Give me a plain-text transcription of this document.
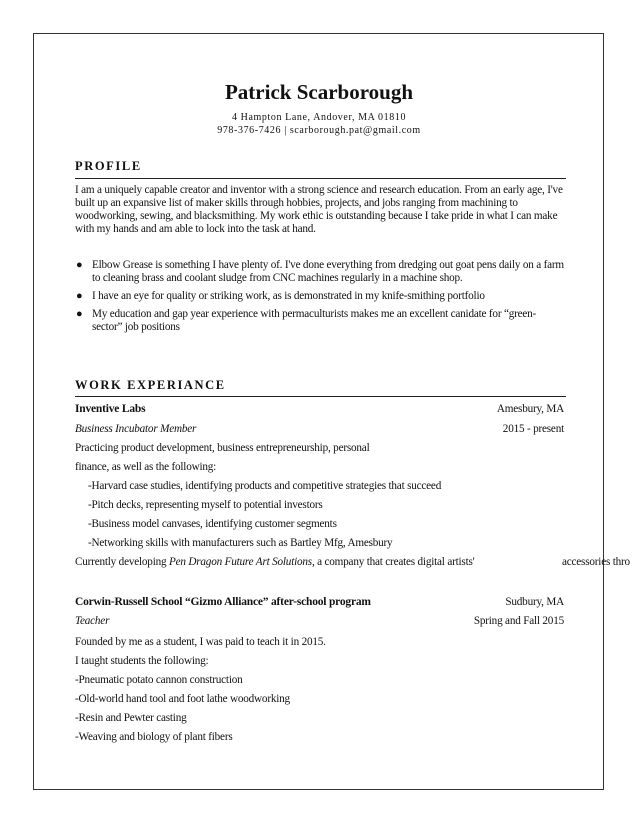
Patrick Scarborough
4 Hampton Lane, Andover, MA 01810
978-376-7426 | scarborough.pat@gmail.com
PROFILE
I am a uniquely capable creator and inventor with a strong science and research education. From an early age, I've built up an expansive list of maker skills through hobbies, projects, and jobs ranging from machining to woodworking, sewing, and blacksmithing. My work ethic is outstanding because I take pride in what I can make with my hands and am able to lock into the task at hand.
● Elbow Grease is something I have plenty of. I've done everything from dredging out goat pens daily on a farm to cleaning brass and coolant sludge from CNC machines regularly in a machine shop.
● I have an eye for quality or striking work, as is demonstrated in my knife-smithing portfolio
● My education and gap year experience with permaculturists makes me an excellent canidate for “green-sector” job positions
WORK EXPERIANCE
Inventive Labs	Amesbury, MA
Business Incubator Member	2015 - present
Practicing product development, business entrepreneurship, personal
finance, as well as the following:
-Harvard case studies, identifying products and competitive strategies that succeed
-Pitch decks, representing myself to potential investors
-Business model canvases, identifying customer segments
-Networking skills with manufacturers such as Bartley Mfg, Amesbury
Currently developing Pen Dragon Future Art Solutions, a company that creates digital artists'	accessories thro
Corwin-Russell School “Gizmo Alliance” after-school program	Sudbury, MA
Teacher	Spring and Fall 2015
Founded by me as a student, I was paid to teach it in 2015.
I taught students the following:
-Pneumatic potato cannon construction
-Old-world hand tool and foot lathe woodworking
-Resin and Pewter casting
-Weaving and biology of plant fibers
